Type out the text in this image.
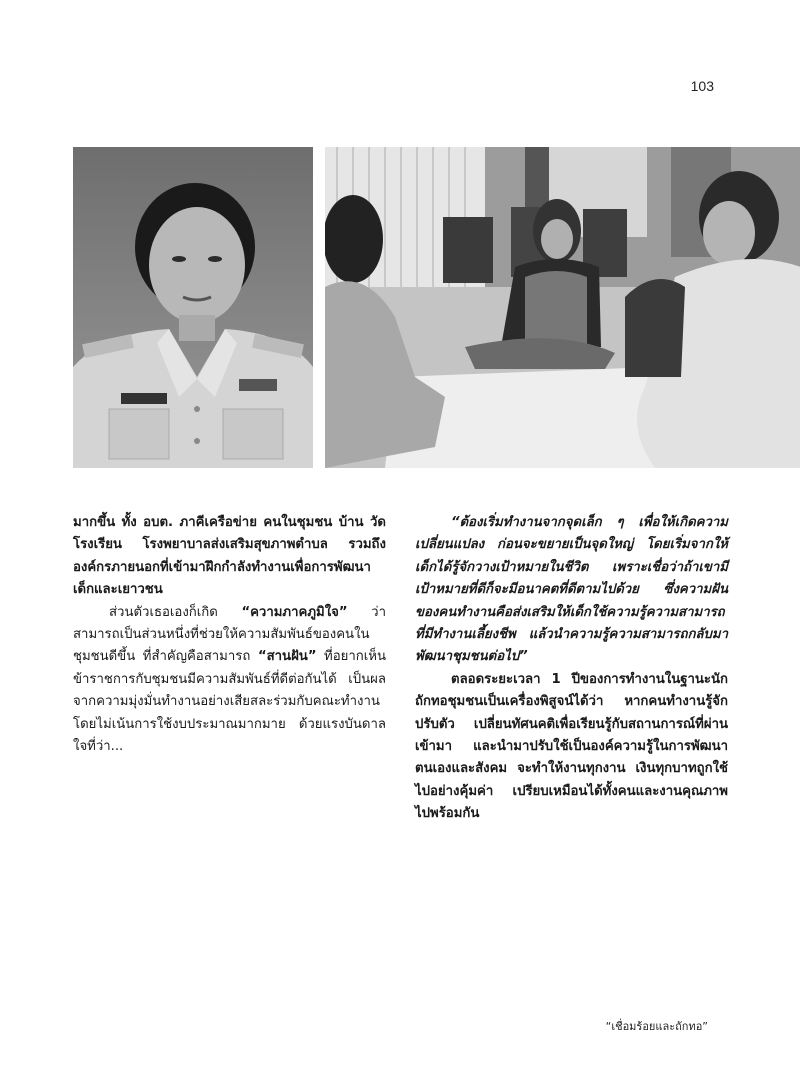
103

มากขึ้น ทั้ง อบต. ภาคีเครือข่าย คนในชุมชน บ้าน วัด โรงเรียน โรงพยาบาลส่งเสริมสุขภาพตำบล รวมถึงองค์กรภายนอกที่เข้ามาฝึกกำลังทำงานเพื่อการพัฒนาเด็กและเยาวชน

ส่วนตัวเธอเองก็เกิด “ความภาคภูมิใจ” ว่าสามารถเป็นส่วนหนึ่งที่ช่วยให้ความสัมพันธ์ของคนในชุมชนดีขึ้น ที่สำคัญคือสามารถ “สานฝัน” ที่อยากเห็นข้าราชการกับชุมชนมีความสัมพันธ์ที่ดีต่อกันได้ เป็นผลจากความมุ่งมั่นทำงานอย่างเสียสละร่วมกับคณะทำงานโดยไม่เน้นการใช้งบประมาณมากมาย ด้วยแรงบันดาลใจที่ว่า...

“ต้องเริ่มทำงานจากจุดเล็ก ๆ เพื่อให้เกิดความเปลี่ยนแปลง ก่อนจะขยายเป็นจุดใหญ่ โดยเริ่มจากให้เด็กได้รู้จักวางเป้าหมายในชีวิต เพราะเชื่อว่าถ้าเขามีเป้าหมายที่ดีก็จะมีอนาคตที่ดีตามไปด้วย ซึ่งความฝันของคนทำงานคือส่งเสริมให้เด็กใช้ความรู้ความสามารถที่มีทำงานเลี้ยงชีพ แล้วนำความรู้ความสามารถกลับมาพัฒนาชุมชนต่อไป”

ตลอดระยะเวลา 1 ปีของการทำงานในฐานะนักถักทอชุมชนเป็นเครื่องพิสูจน์ได้ว่า หากคนทำงานรู้จักปรับตัว เปลี่ยนทัศนคติเพื่อเรียนรู้กับสถานการณ์ที่ผ่านเข้ามา และนำมาปรับใช้เป็นองค์ความรู้ในการพัฒนาตนเองและสังคม จะทำให้งานทุกงาน เงินทุกบาทถูกใช้ไปอย่างคุ้มค่า เปรียบเหมือนได้ทั้งคนและงานคุณภาพไปพร้อมกัน

“เชื่อมร้อยและถักทอ”
